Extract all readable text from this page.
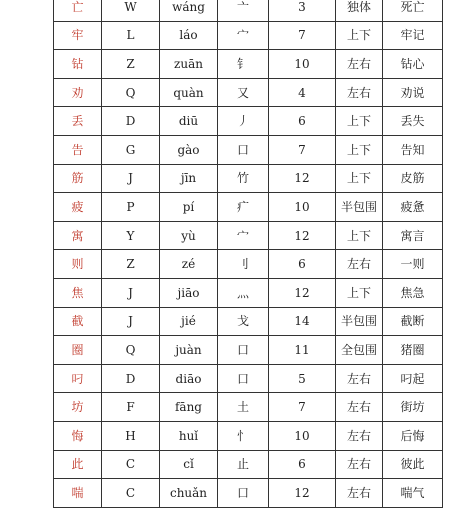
亡	W	wáng	亠	3	独体	死亡
牢	L	láo	宀	7	上下	牢记
钻	Z	zuān	钅	10	左右	钻心
劝	Q	quàn	又	4	左右	劝说
丢	D	diū	丿	6	上下	丢失
告	G	gào	口	7	上下	告知
筋	J	jīn	竹	12	上下	皮筋
疲	P	pí	疒	10	半包围	疲惫
寓	Y	yù	宀	12	上下	寓言
则	Z	zé	刂	6	左右	一则
焦	J	jiāo	灬	12	上下	焦急
截	J	jié	戈	14	半包围	截断
圈	Q	juàn	口	11	全包围	猪圈
叼	D	diāo	口	5	左右	叼起
坊	F	fāng	土	7	左右	街坊
悔	H	huǐ	忄	10	左右	后悔
此	C	cǐ	止	6	左右	彼此
喘	C	chuǎn	口	12	左右	喘气
